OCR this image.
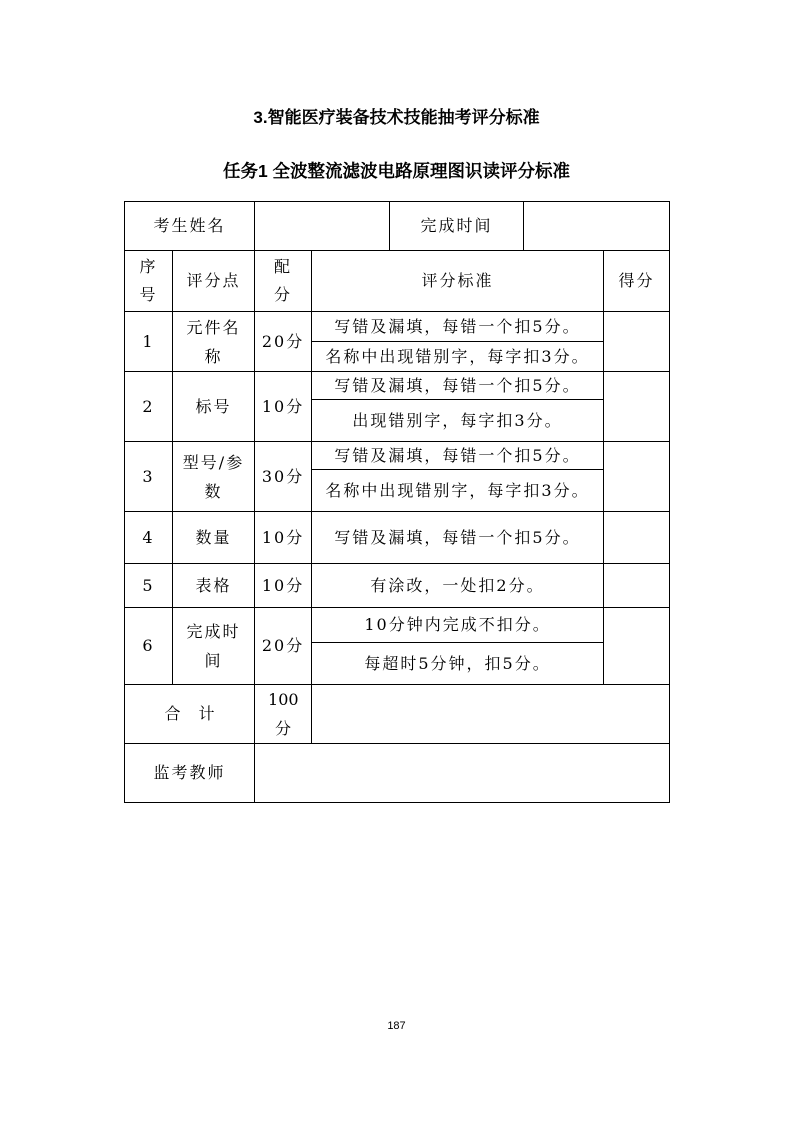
3.智能医疗装备技术技能抽考评分标准
任务1 全波整流滤波电路原理图识读评分标准
考生姓名				完成时间		
序号	评分点	配分	评分标准			得分
1	元件名称	20分	写错及漏填，每错一个扣5分。			
			名称中出现错别字，每字扣3分。			
2	标号	10分	写错及漏填，每错一个扣5分。			
			出现错别字，每字扣3分。			
3	型号/参数	30分	写错及漏填，每错一个扣5分。			
			名称中出现错别字，每字扣3分。			
4	数量	10分	写错及漏填，每错一个扣5分。			
5	表格	10分	有涂改，一处扣2分。			
6	完成时间	20分	10分钟内完成不扣分。			
			每超时5分钟，扣5分。			
合计		100分				
监考教师						
187
